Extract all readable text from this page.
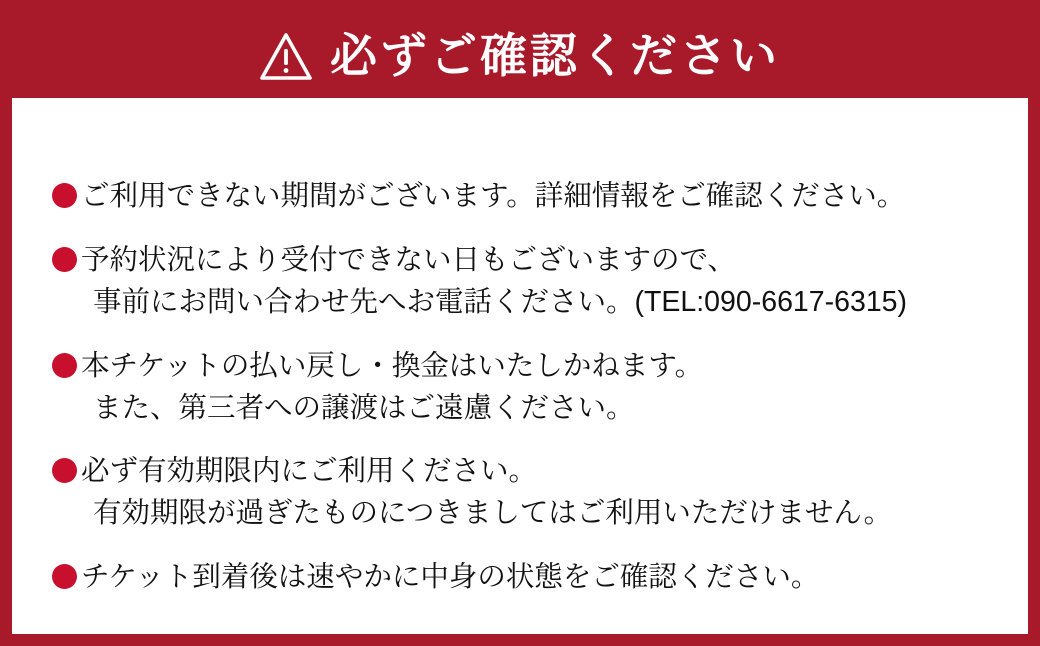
必ずご確認ください
ご利用できない期間がございます。詳細情報をご確認ください。
予約状況により受付できない日もございますので、
事前にお問い合わせ先へお電話ください。(TEL:090-6617-6315)
本チケットの払い戻し・換金はいたしかねます。
また、第三者への譲渡はご遠慮ください。
必ず有効期限内にご利用ください。
有効期限が過ぎたものにつきましてはご利用いただけません。
チケット到着後は速やかに中身の状態をご確認ください。
